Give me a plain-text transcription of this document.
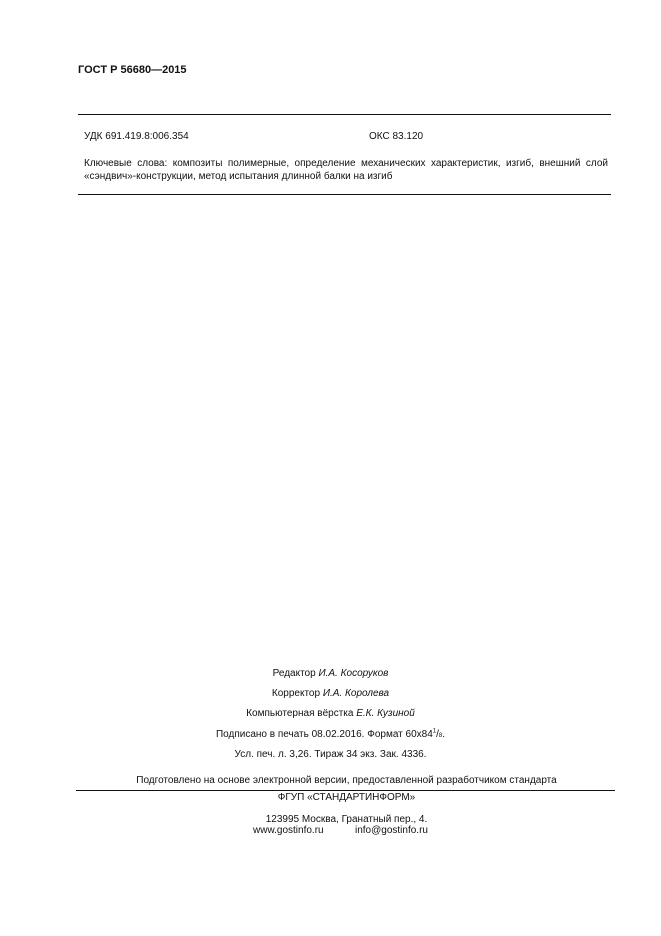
ГОСТ Р 56680—2015
УДК 691.419.8:006.354	ОКС 83.120
Ключевые слова: композиты полимерные, определение механических характеристик, изгиб, внешний слой «сэндвич»-конструкции, метод испытания длинной балки на изгиб
Редактор И.А. Косоруков
Корректор И.А. Королева
Компьютерная вёрстка Е.К. Кузиной
Подписано в печать 08.02.2016. Формат $60x84^1/8$.
Усл. печ. л. 3,26. Тираж 34 экз. Зак. 4336.
Подготовлено на основе электронной версии, предоставленной разработчиком стандарта
ФГУП «СТАНДАРТИНФОРМ»
123995 Москва, Гранатный пер., 4.
www.gostinfo.ru	info@gostinfo.ru
